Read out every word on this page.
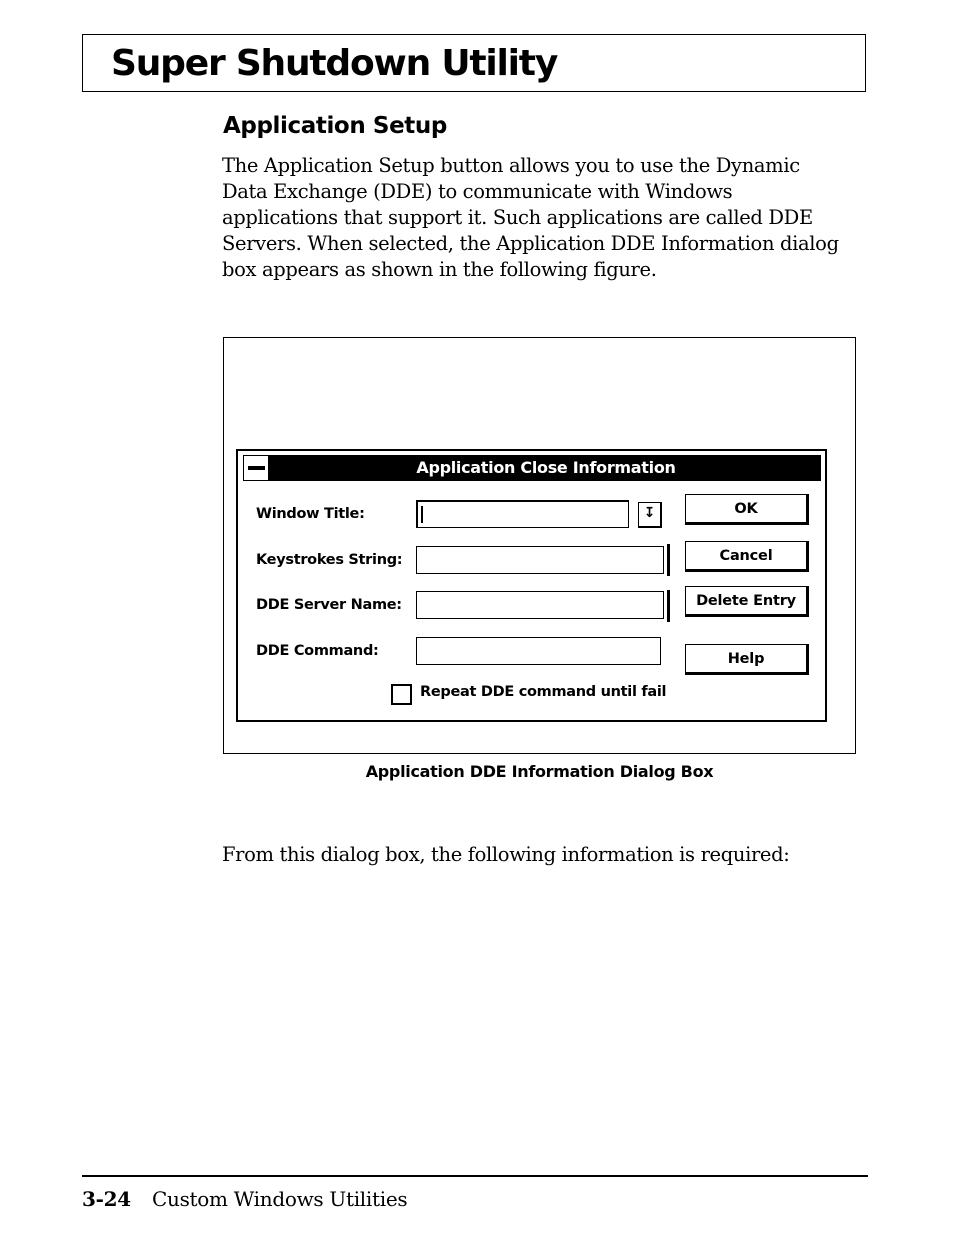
Super Shutdown Utility
Application Setup

The Application Setup button allows you to use the Dynamic Data Exchange (DDE) to communicate with Windows applications that support it. Such applications are called DDE Servers. When selected, the Application DDE Information dialog box appears as shown in the following figure.

Application Close Information
Window Title:
Keystrokes String:
DDE Server Name:
DDE Command:
↧	OK
Cancel
Delete Entry
Help
Repeat DDE command until fail
Application DDE Information Dialog Box

From this dialog box, the following information is required:

3-24 Custom Windows Utilities
